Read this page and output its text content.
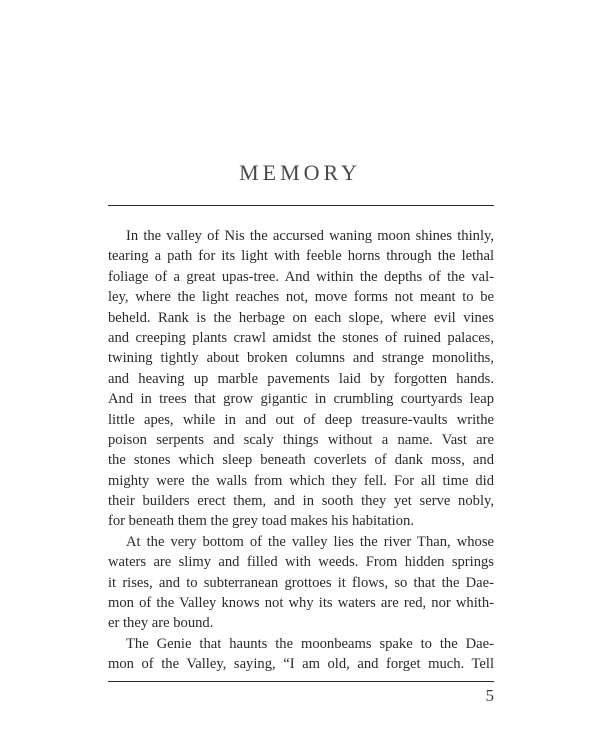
MEMORY

In the valley of Nis the accursed waning moon shines thinly,
tearing a path for its light with feeble horns through the lethal
foliage of a great upas-tree. And within the depths of the val-
ley, where the light reaches not, move forms not meant to be
beheld. Rank is the herbage on each slope, where evil vines
and creeping plants crawl amidst the stones of ruined palaces,
twining tightly about broken columns and strange monoliths,
and heaving up marble pavements laid by forgotten hands.
And in trees that grow gigantic in crumbling courtyards leap
little apes, while in and out of deep treasure-vaults writhe
poison serpents and scaly things without a name. Vast are
the stones which sleep beneath coverlets of dank moss, and
mighty were the walls from which they fell. For all time did
their builders erect them, and in sooth they yet serve nobly,
for beneath them the grey toad makes his habitation.

At the very bottom of the valley lies the river Than, whose
waters are slimy and filled with weeds. From hidden springs
it rises, and to subterranean grottoes it flows, so that the Dae-
mon of the Valley knows not why its waters are red, nor whith-
er they are bound.

The Genie that haunts the moonbeams spake to the Dae-
mon of the Valley, saying, “I am old, and forget much. Tell

5
